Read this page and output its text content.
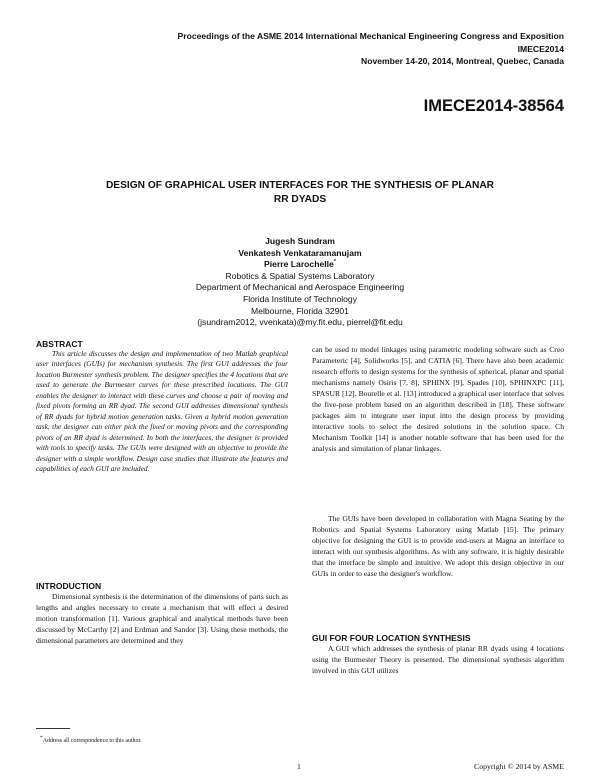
Proceedings of the ASME 2014 International Mechanical Engineering Congress and Exposition
IMECE2014
November 14-20, 2014, Montreal, Quebec, Canada
IMECE2014-38564
DESIGN OF GRAPHICAL USER INTERFACES FOR THE SYNTHESIS OF PLANAR
RR DYADS
Jugesh Sundram
Venkatesh Venkataramanujam
Pierre Larochelle*
Robotics & Spatial Systems Laboratory
Department of Mechanical and Aerospace Engineering
Florida Institute of Technology
Melbourne, Florida 32901
(jsundram2012, vvenkata)@my.fit.edu, pierrel@fit.edu
ABSTRACT
This article discusses the design and implementation of two Matlab graphical user interfaces (GUIs) for mechanism synthesis. The first GUI addresses the four location Burmester synthesis problem. The designer specifies the 4 locations that are used to generate the Burmester curves for these prescribed locations. The GUI enables the designer to interact with these curves and choose a pair of moving and fixed pivots forming an RR dyad. The second GUI addresses dimensional synthesis of RR dyads for hybrid motion generation tasks. Given a hybrid motion generation task, the designer can either pick the fixed or moving pivots and the corresponding pivots of an RR dyad is determined. In both the interfaces, the designer is provided with tools to specify tasks. The GUIs were designed with an objective to provide the designer with a simple workflow. Design case studies that illustrate the features and capabilities of each GUI are included.
INTRODUCTION
Dimensional synthesis is the determination of the dimensions of parts such as lengths and angles necessary to create a mechanism that will effect a desired motion transformation [1]. Various graphical and analytical methods have been discussed by McCarthy [2] and Erdman and Sandor [3]. Using these methods, the dimensional parameters are determined and they
*Address all correspondence to this author.
can be used to model linkages using parametric modeling software such as Creo Parameteric [4], Solidworks [5], and CATIA [6]. There have also been academic research efforts to design systems for the synthesis of spherical, planar and spatial mechanisms namely Osiris [7, 8], SPHINX [9], Spades [10], SPHINXPC [11], SPASUR [12]. Bourelle et al. [13] introduced a graphical user interface that solves the five-pose problem based on an algorithm described in [18]. These software packages aim to integrate user input into the design process by providing interactive tools to select the desired solutions in the solution space. Ch Mechanism Toolkit [14] is another notable software that has been used for the analysis and simulation of planar linkages.
The GUIs have been developed in collaboration with Magna Seating by the Robotics and Spatial Systems Laboratory using Matlab [15]. The primary objective for designing the GUI is to provide end-users at Magna an interface to interact with our synthesis algorithms. As with any software, it is highly desirable that the interface be simple and intuitive. We adopt this design objective in our GUIs in order to ease the designer's workflow.
GUI FOR FOUR LOCATION SYNTHESIS
A GUI which addresses the synthesis of planar RR dyads using 4 locations using the Burmester Theory is presented. The dimensional synthesis algorithm involved in this GUI utilizes
1	Copyright © 2014 by ASME
